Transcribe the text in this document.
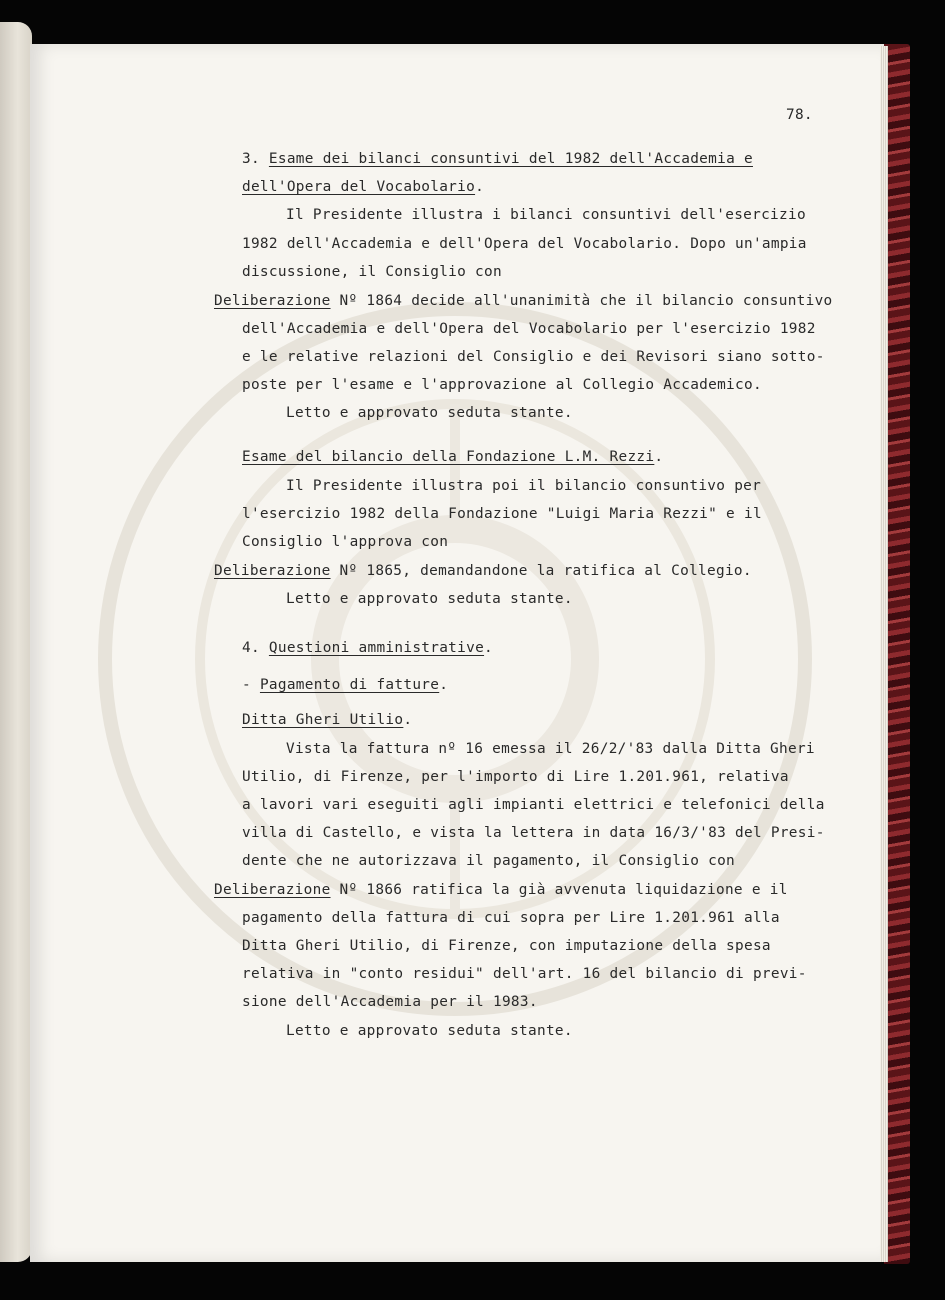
78.
3. Esame dei bilanci consuntivi del 1982 dell'Accademia e
dell'Opera del Vocabolario.
Il Presidente illustra i bilanci consuntivi dell'esercizio
1982 dell'Accademia e dell'Opera del Vocabolario. Dopo un'ampia
discussione, il Consiglio con
Deliberazione Nº 1864 decide all'unanimità che il bilancio consuntivo
dell'Accademia e dell'Opera del Vocabolario per l'esercizio 1982
e le relative relazioni del Consiglio e dei Revisori siano sotto-
poste per l'esame e l'approvazione al Collegio Accademico.
Letto e approvato seduta stante.
Esame del bilancio della Fondazione L.M. Rezzi.
Il Presidente illustra poi il bilancio consuntivo per
l'esercizio 1982 della Fondazione "Luigi Maria Rezzi" e il
Consiglio l'approva con
Deliberazione Nº 1865, demandandone la ratifica al Collegio.
Letto e approvato seduta stante.
4. Questioni amministrative.
- Pagamento di fatture.
Ditta Gheri Utilio.
Vista la fattura nº 16 emessa il 26/2/'83 dalla Ditta Gheri
Utilio, di Firenze, per l'importo di Lire 1.201.961, relativa
a lavori vari eseguiti agli impianti elettrici e telefonici della
villa di Castello, e vista la lettera in data 16/3/'83 del Presi-
dente che ne autorizzava il pagamento, il Consiglio con
Deliberazione Nº 1866 ratifica la già avvenuta liquidazione e il
pagamento della fattura di cui sopra per Lire 1.201.961 alla
Ditta Gheri Utilio, di Firenze, con imputazione della spesa
relativa in "conto residui" dell'art. 16 del bilancio di previ-
sione dell'Accademia per il 1983.
Letto e approvato seduta stante.
